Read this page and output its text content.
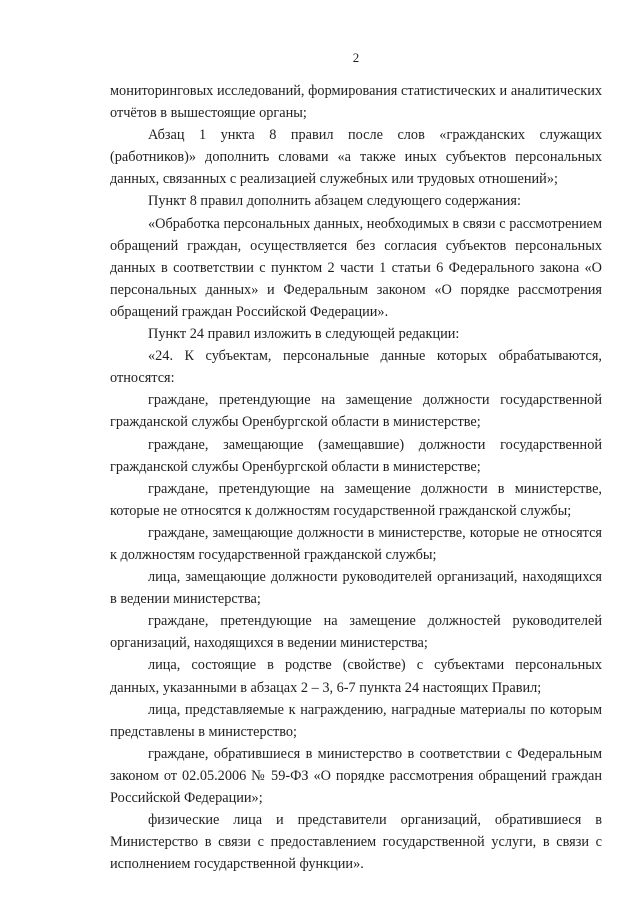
2

мониторинговых исследований, формирования статистических и аналитических отчётов в вышестоящие органы;

Абзац 1 унктa 8 правил после слов «гражданских служащих (работников)» дополнить словами «а также иных субъектов персональных данных, связанных с реализацией служебных или трудовых отношений»;

Пункт 8 правил дополнить абзацем следующего содержания:

«Обработка персональных данных, необходимых в связи с рассмотрением обращений граждан, осуществляется без согласия субъектов персональных данных в соответствии с пунктом 2 части 1 статьи 6 Федерального закона «О персональных данных» и Федеральным законом «О порядке рассмотрения обращений граждан Российской Федерации».

Пункт 24 правил изложить в следующей редакции:

«24. К субъектам, персональные данные которых обрабатываются, относятся:

граждане, претендующие на замещение должности государственной гражданской службы Оренбургской области в министерстве;

граждане, замещающие (замещавшие) должности государственной гражданской службы Оренбургской области в министерстве;

граждане, претендующие на замещение должности в министерстве, которые не относятся к должностям государственной гражданской службы;

граждане, замещающие должности в министерстве, которые не относятся к должностям государственной гражданской службы;

лица, замещающие должности руководителей организаций, находящихся в ведении министерства;

граждане, претендующие на замещение должностей руководителей организаций, находящихся в ведении министерства;

лица, состоящие в родстве (свойстве) с субъектами персональных данных, указанными в абзацах 2 – 3, 6-7 пункта 24 настоящих Правил;

лица, представляемые к награждению, наградные материалы по которым представлены в министерство;

граждане, обратившиеся в министерство в соответствии с Федеральным законом от 02.05.2006 № 59-ФЗ «О порядке рассмотрения обращений граждан Российской Федерации»;

физические лица и представители организаций, обратившиеся в Министерство в связи с предоставлением государственной услуги, в связи с исполнением государственной функции».
